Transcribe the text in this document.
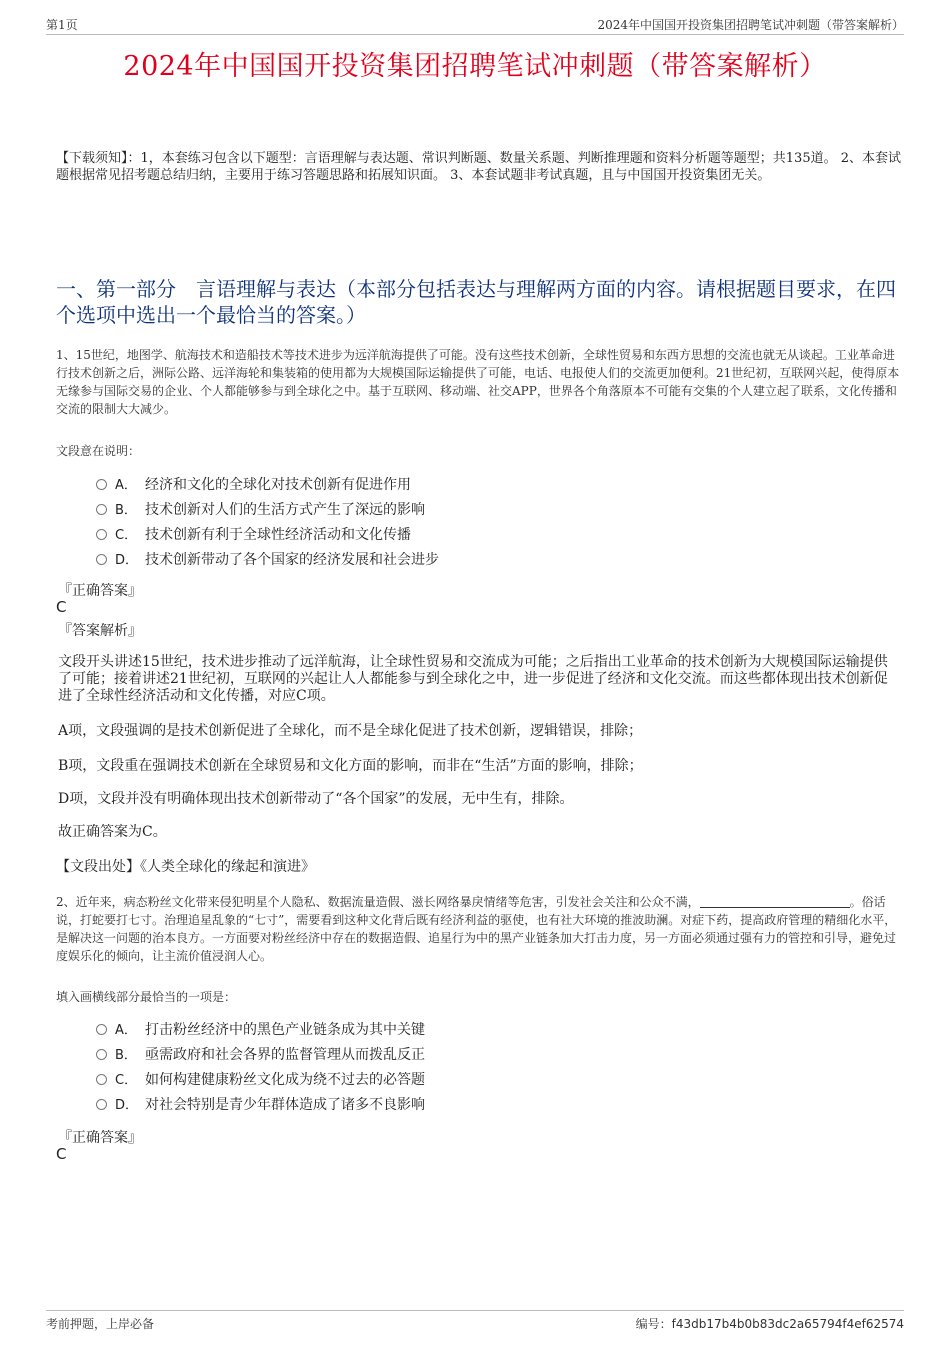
第1页	2024年中国国开投资集团招聘笔试冲刺题（带答案解析）
2024年中国国开投资集团招聘笔试冲刺题（带答案解析）
【下载须知】：1，本套练习包含以下题型：言语理解与表达题、常识判断题、数量关系题、判断推理题和资料分析题等题型；共135道。 2、本套试题根据常见招考题总结归纳，主要用于练习答题思路和拓展知识面。 3、本套试题非考试真题，且与中国国开投资集团无关。
一、第一部分　言语理解与表达（本部分包括表达与理解两方面的内容。请根据题目要求，在四个选项中选出一个最恰当的答案。）
1、15世纪，地图学、航海技术和造船技术等技术进步为远洋航海提供了可能。没有这些技术创新，全球性贸易和东西方思想的交流也就无从谈起。工业革命进行技术创新之后，洲际公路、远洋海轮和集装箱的使用都为大规模国际运输提供了可能，电话、电报使人们的交流更加便利。21世纪初，互联网兴起，使得原本无缘参与国际交易的企业、个人都能够参与到全球化之中。基于互联网、移动端、社交APP，世界各个角落原本不可能有交集的个人建立起了联系，文化传播和交流的限制大大减少。
文段意在说明：
A． 经济和文化的全球化对技术创新有促进作用
B． 技术创新对人们的生活方式产生了深远的影响
C． 技术创新有利于全球性经济活动和文化传播
D． 技术创新带动了各个国家的经济发展和社会进步
『正确答案』
C
『答案解析』
文段开头讲述15世纪，技术进步推动了远洋航海，让全球性贸易和交流成为可能；之后指出工业革命的技术创新为大规模国际运输提供了可能；接着讲述21世纪初，互联网的兴起让人人都能参与到全球化之中，进一步促进了经济和文化交流。而这些都体现出技术创新促进了全球性经济活动和文化传播，对应C项。
A项，文段强调的是技术创新促进了全球化，而不是全球化促进了技术创新，逻辑错误，排除；
B项，文段重在强调技术创新在全球贸易和文化方面的影响，而非在“生活”方面的影响，排除；
D项，文段并没有明确体现出技术创新带动了“各个国家”的发展，无中生有，排除。
故正确答案为C。
【文段出处】《人类全球化的缘起和演进》
2、近年来，病态粉丝文化带来侵犯明星个人隐私、数据流量造假、滋长网络暴戾情绪等危害，引发社会关注和公众不满，	。俗话说，打蛇要打七寸。治理追星乱象的“七寸”，需要看到这种文化背后既有经济利益的驱使，也有社大环境的推波助澜。对症下药，提高政府管理的精细化水平，是解决这一问题的治本良方。一方面要对粉丝经济中存在的数据造假、追星行为中的黑产业链条加大打击力度，另一方面必须通过强有力的管控和引导，避免过度娱乐化的倾向，让主流价值浸润人心。
填入画横线部分最恰当的一项是：
A． 打击粉丝经济中的黑色产业链条成为其中关键
B． 亟需政府和社会各界的监督管理从而拨乱反正
C． 如何构建健康粉丝文化成为绕不过去的必答题
D． 对社会特别是青少年群体造成了诸多不良影响
『正确答案』
C
考前押题，上岸必备	编号：f43db17b4b0b83dc2a65794f4ef62574
